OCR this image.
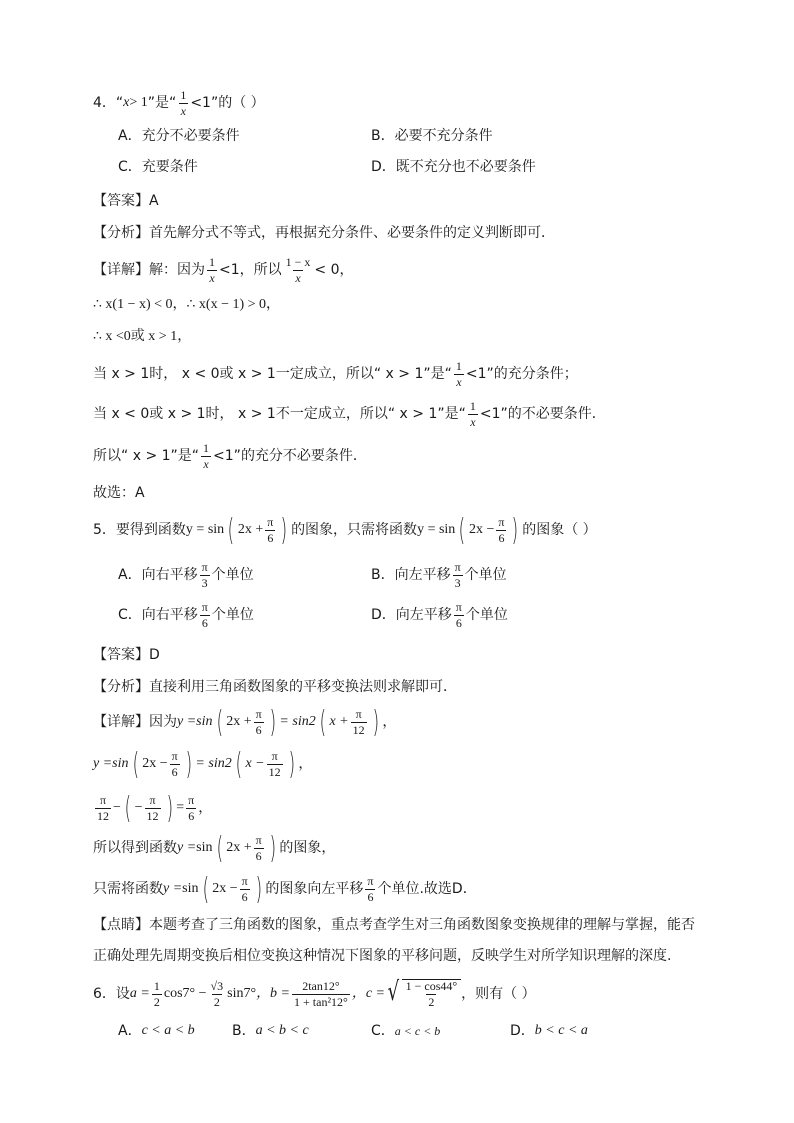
4．“ x > 1 ”是“ $\frac{1}{x} <1$”的（ ）
A．充分不必要条件	B．必要不充分条件
C．充要条件	D．既不充分也不必要条件
【答案】 A
【分析】 首先解分式不等式，再根据充分条件、必要条件的定义判断即可．
【详解】 解：因为 $\frac{1}{x} <1$，所以 $\frac{1 - x}{x} < 0$，
∴ x(1 − x) < 0，∴ x(x − 1) > 0，
∴ x <0或 x > 1，
当 x > 1时， x < 0或 x > 1一定成立，所以“ x > 1”是“ $\frac{1}{x} <1$”的充分条件；
当 x < 0或 x > 1时， x > 1不一定成立，所以“ x > 1”是“ $\frac{1}{x} <1$”的不必要条件．
所以“ x > 1”是“ $\frac{1}{x} <1$”的充分不必要条件．
故选：A
5．要得到函数 y = sin ( $2x + \frac{\pi}{6}$ ) 的图象，只需将函数 y = sin ( $2x - \frac{\pi}{6}$ ) 的图象（ ）
A．向右平移 $\frac{\pi}{3}$ 个单位	B．向左平移 $\frac{\pi}{3}$ 个单位
C．向右平移 $\frac{\pi}{6}$ 个单位	D．向左平移 $\frac{\pi}{6}$ 个单位
【答案】 D
【分析】 直接利用三角函数图象的平移变换法则求解即可．
【详解】 因为 y = sin ( $2x + \frac{\pi}{6}$ ) = sin2 ( $x + \frac{\pi}{12}$ ) ，
y = sin ( $2x - \frac{\pi}{6}$ ) = sin2 ( $x - \frac{\pi}{12}$ ) ，
$\frac{\pi}{12}$ − ( − $\frac{\pi}{12}$ ) = $\frac{\pi}{6}$ ，
所以得到函数 y = sin ( $2x + \frac{\pi}{6}$ ) 的图象，
只需将函数 y = sin ( $2x - \frac{\pi}{6}$ ) 的图象向左平移 $\frac{\pi}{6}$ 个单位.故选D．
【点睛】 本题考查了三角函数的图象，重点考查学生对三角函数图象变换规律的理解与掌握，能否
正确处理先周期变换后相位变换这种情况下图象的平移问题，反映学生对所学知识理解的深度.
6．设 $a = \frac{1}{2} \cos 7^\circ - \frac{√3}{2} \sin 7^\circ$ ，$b = \frac{2\tan 12^\circ}{\text{1 + tan²12°}}$ ，c = √ $\frac{1 - \cos 44^\circ}{2}$ ，则有（ ）
A． c < a < b	B． a < b < c	C． a < c < b	D． b < c < a
